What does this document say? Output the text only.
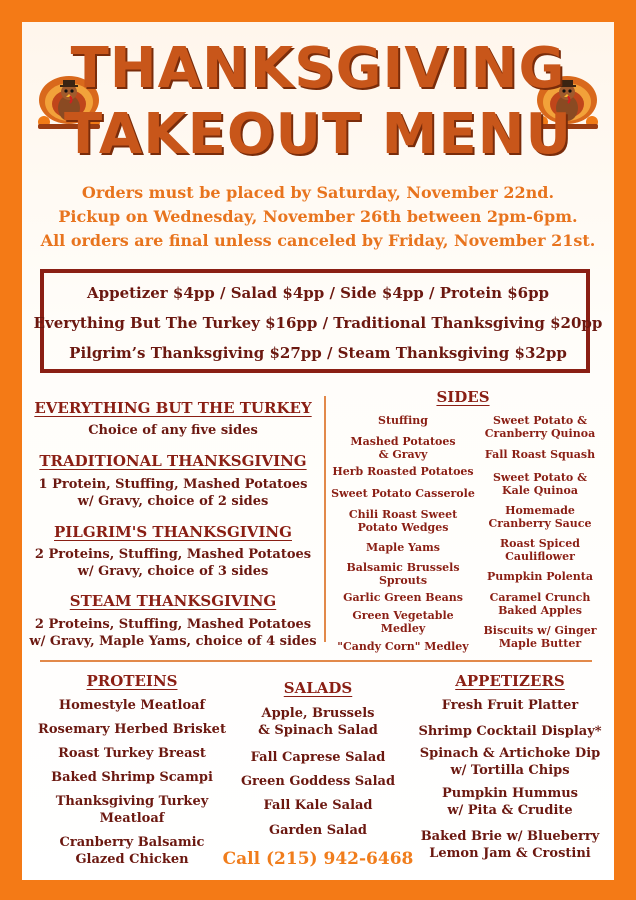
THANKSGIVING
TAKEOUT MENU
Orders must be placed by Saturday, November 22nd.
Pickup on Wednesday, November 26th between 2pm-6pm.
All orders are final unless canceled by Friday, November 21st.
Appetizer $4pp / Salad $4pp / Side $4pp / Protein $6pp
Everything But The Turkey $16pp / Traditional Thanksgiving $20pp
Pilgrim’s Thanksgiving $27pp / Steam Thanksgiving $32pp
EVERYTHING BUT THE TURKEY
Choice of any five sides
TRADITIONAL THANKSGIVING
1 Protein, Stuffing, Mashed Potatoes
w/ Gravy, choice of 2 sides
PILGRIM'S THANKSGIVING
2 Proteins, Stuffing, Mashed Potatoes
w/ Gravy, choice of 3 sides
STEAM THANKSGIVING
2 Proteins, Stuffing, Mashed Potatoes
w/ Gravy, Maple Yams, choice of 4 sides
SIDES
Stuffing
Mashed Potatoes
& Gravy
Herb Roasted Potatoes
Sweet Potato Casserole
Chili Roast Sweet
Potato Wedges
Maple Yams
Balsamic Brussels
Sprouts
Garlic Green Beans
Green Vegetable
Medley
"Candy Corn" Medley
Sweet Potato &
Cranberry Quinoa
Fall Roast Squash
Sweet Potato &
Kale Quinoa
Homemade
Cranberry Sauce
Roast Spiced
Cauliflower
Pumpkin Polenta
Caramel Crunch
Baked Apples
Biscuits w/ Ginger
Maple Butter
PROTEINS
Homestyle Meatloaf
Rosemary Herbed Brisket
Roast Turkey Breast
Baked Shrimp Scampi
Thanksgiving Turkey
Meatloaf
Cranberry Balsamic
Glazed Chicken
SALADS
Apple, Brussels
& Spinach Salad
Fall Caprese Salad
Green Goddess Salad
Fall Kale Salad
Garden Salad
Call (215) 942-6468
APPETIZERS
Fresh Fruit Platter
Shrimp Cocktail Display*
Spinach & Artichoke Dip
w/ Tortilla Chips
Pumpkin Hummus
w/ Pita & Crudite
Baked Brie w/ Blueberry
Lemon Jam & Crostini
